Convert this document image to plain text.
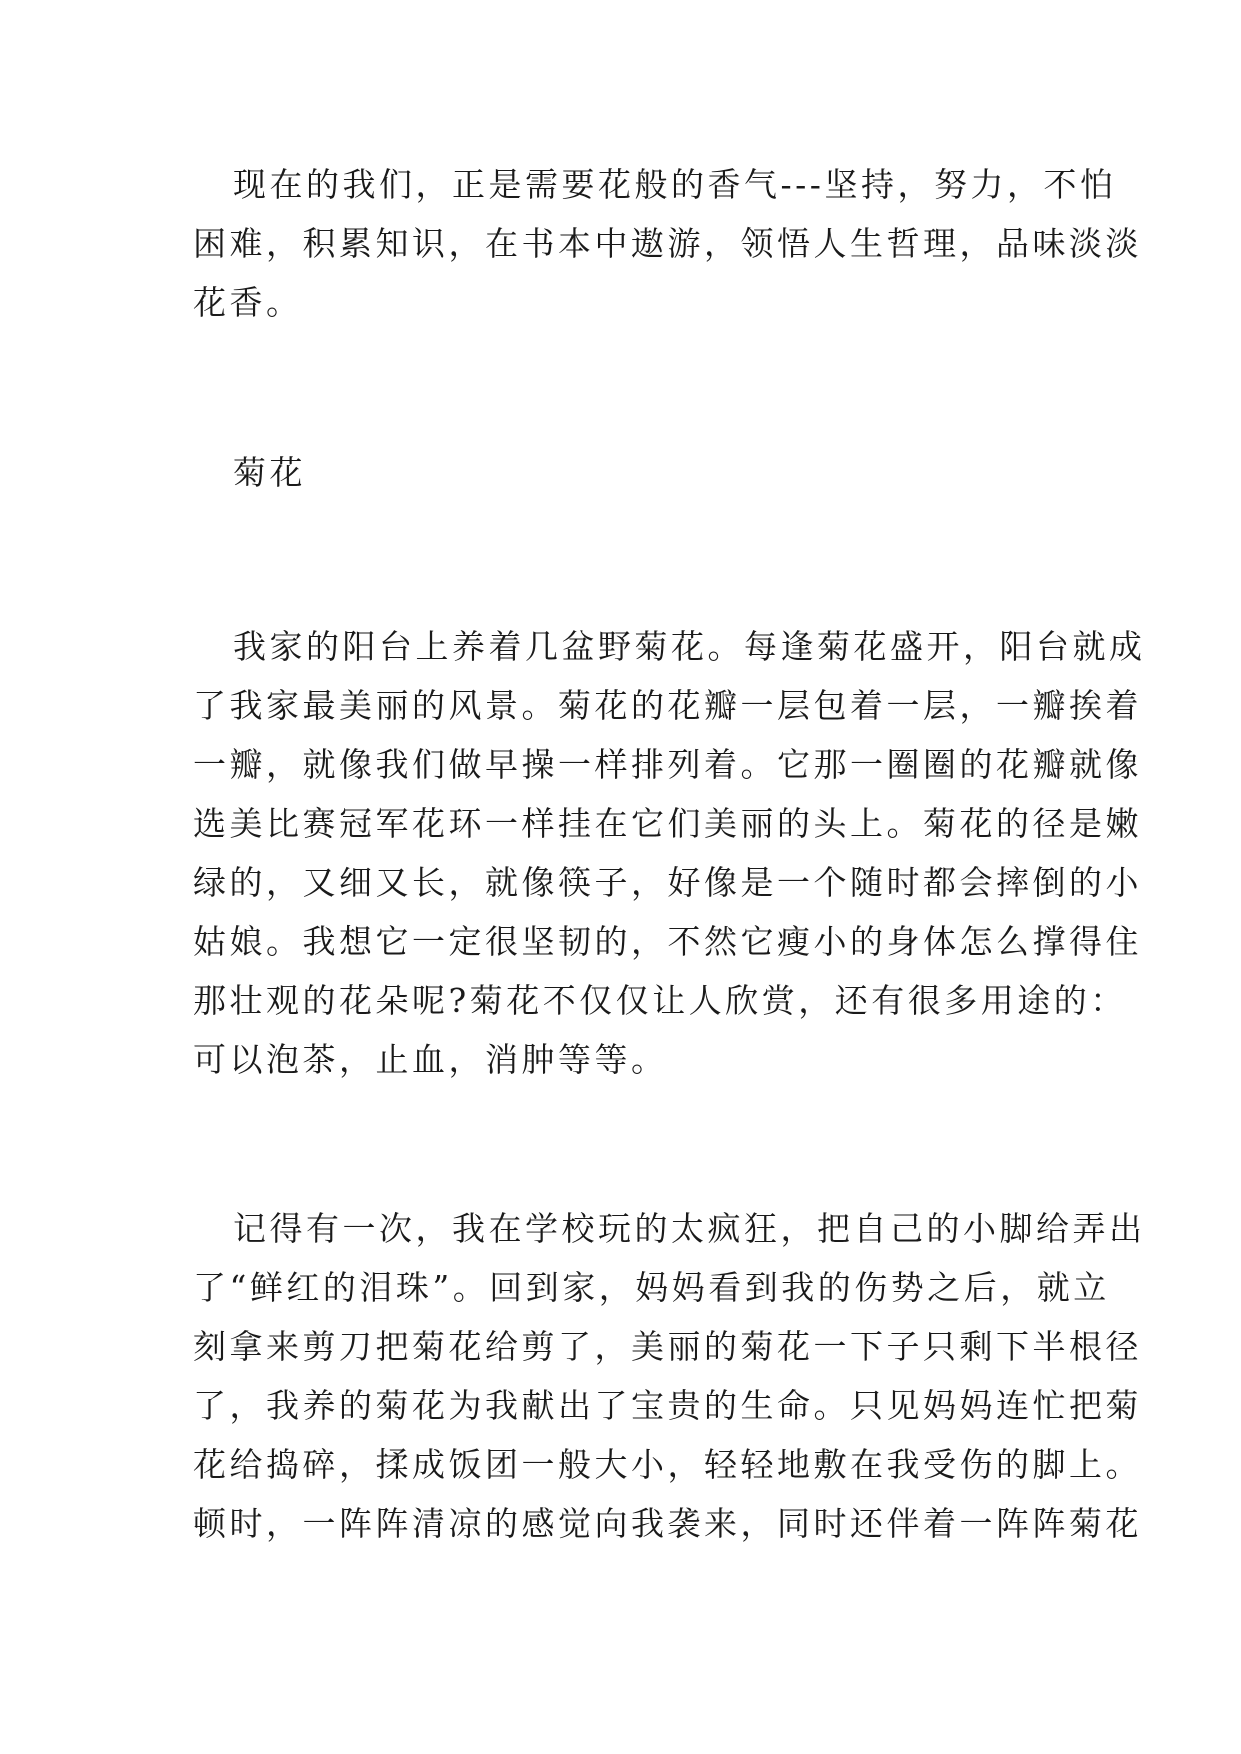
现在的我们，正是需要花般的香气---坚持，努力，不怕
困难，积累知识，在书本中遨游，领悟人生哲理，品味淡淡
花香。
菊花
我家的阳台上养着几盆野菊花。每逢菊花盛开，阳台就成
了我家最美丽的风景。菊花的花瓣一层包着一层，一瓣挨着
一瓣，就像我们做早操一样排列着。它那一圈圈的花瓣就像
选美比赛冠军花环一样挂在它们美丽的头上。菊花的径是嫩
绿的，又细又长，就像筷子，好像是一个随时都会摔倒的小
姑娘。我想它一定很坚韧的，不然它瘦小的身体怎么撑得住
那壮观的花朵呢?菊花不仅仅让人欣赏，还有很多用途的：
可以泡茶，止血，消肿等等。
记得有一次，我在学校玩的太疯狂，把自己的小脚给弄出
了“鲜红的泪珠”。回到家，妈妈看到我的伤势之后，就立
刻拿来剪刀把菊花给剪了，美丽的菊花一下子只剩下半根径
了，我养的菊花为我献出了宝贵的生命。只见妈妈连忙把菊
花给捣碎，揉成饭团一般大小，轻轻地敷在我受伤的脚上。
顿时，一阵阵清凉的感觉向我袭来，同时还伴着一阵阵菊花
